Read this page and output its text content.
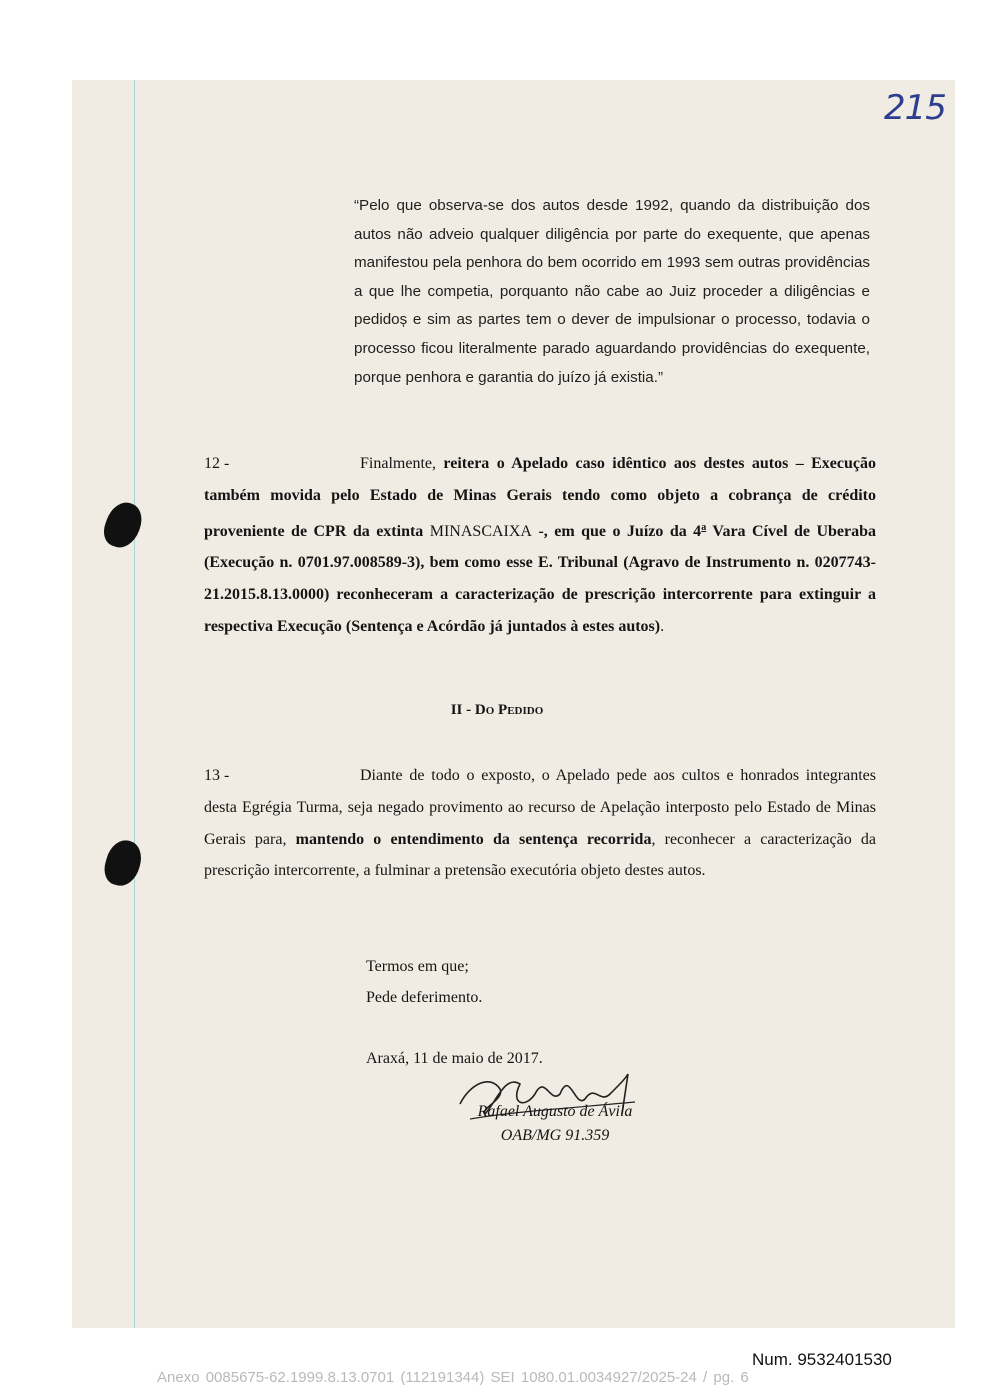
215
“Pelo que observa-se dos autos desde 1992, quando da distribuição dos autos não adveio qualquer diligência por parte do exequente, que apenas manifestou pela penhora do bem ocorrido em 1993 sem outras providências a que lhe competia, porquanto não cabe ao Juiz proceder a diligências e pedidoș e sim as partes tem o dever de impulsionar o processo, todavia o processo ficou literalmente parado aguardando providências do exequente, porque penhora e garantia do juízo já existia.”
12 -	Finalmente, reitera o Apelado caso idêntico aos destes autos – Execução também movida pelo Estado de Minas Gerais tendo como objeto a cobrança de crédito proveniente de CPR da extinta MINASCAIXA -, em que o Juízo da 4$^a$ Vara Cível de Uberaba (Execução n. 0701.97.008589-3), bem como esse E. Tribunal (Agravo de Instrumento n. 0207743-21.2015.8.13.0000) reconheceram a caracterização de prescrição intercorrente para extinguir a respectiva Execução (Sentença e Acórdão já juntados à estes autos).
II - Do Pedido
13 -	Diante de todo o exposto, o Apelado pede aos cultos e honrados integrantes desta Egrégia Turma, seja negado provimento ao recurso de Apelação interposto pelo Estado de Minas Gerais para, mantendo o entendimento da sentença recorrida, reconhecer a caracterização da prescrição intercorrente, a fulminar a pretensão executória objeto destes autos.
Termos em que;
Pede deferimento.
Araxá, 11 de maio de 2017.
Rafael Augusto de Ávila
OAB/MG 91.359
Num. 9532401530
Anexo 0085675-62.1999.8.13.0701 (112191344) SEI 1080.01.0034927/2025-24 / pg. 6
